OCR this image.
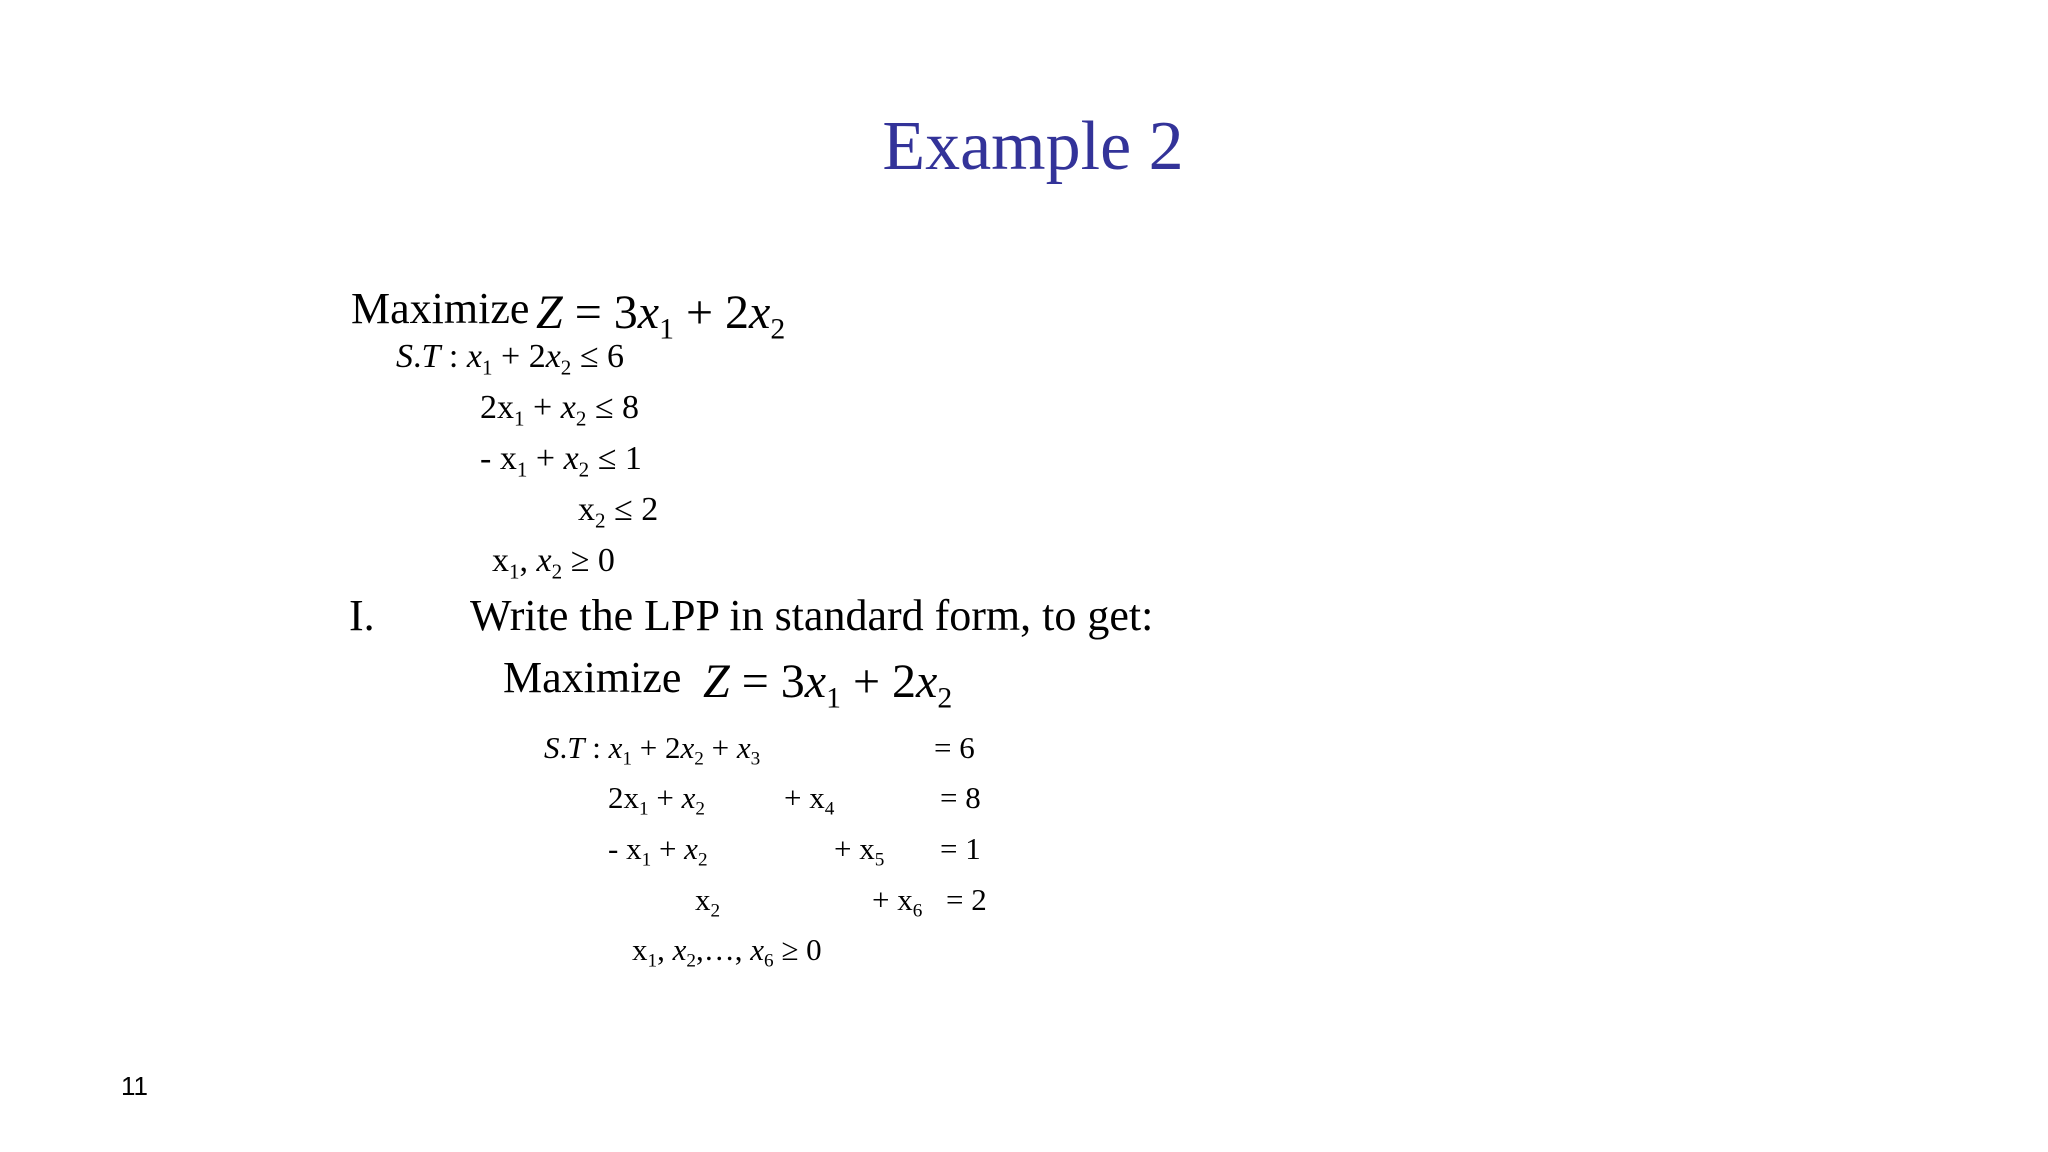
Example 2
Maximize $Z = 3x_1 + 2x_2$
S.T : $x_1 + 2x_2 \le 6$
$2x_1 + x_2 \le 8$
- $x_1 + x_2 \le 1$
$x_2 \le 2$
$x_1$, $x_2 \ge 0$
I. Write the LPP in standard form, to get:
Maximize $Z = 3x_1 + 2x_2$
S.T : $x_1 + 2x_2 + x_3$	= 6
$2x_1 + x_2$	+ $x_4$	= 8
- $x_1 + x_2$	+ $x_5 = 1$
$x_2$	+ $x_6 = 2$
$x_1$, $x_2,\dots$, $x_6 \ge 0$
11
